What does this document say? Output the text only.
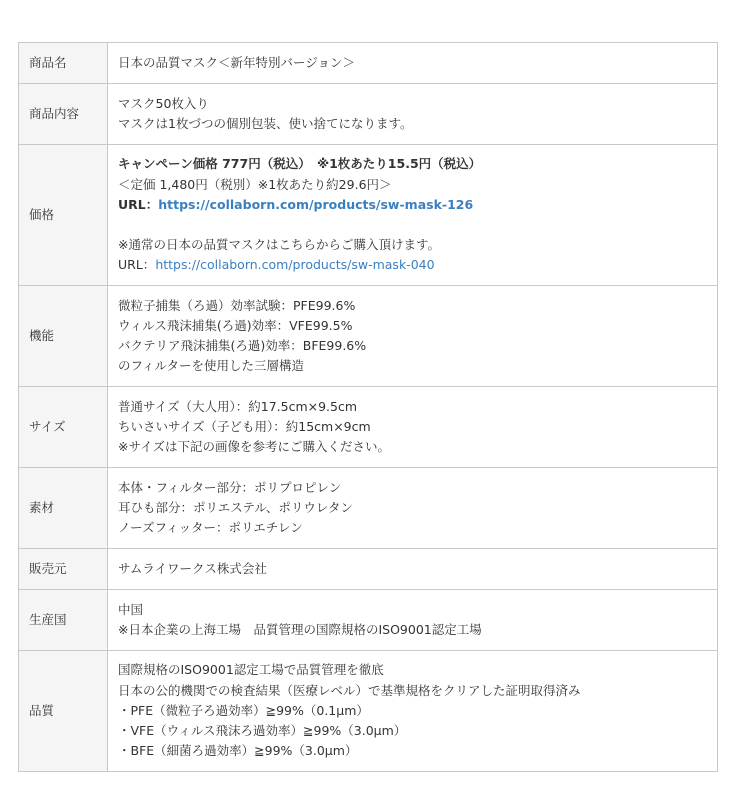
商品名	日本の品質マスク＜新年特別バージョン＞

商品内容	マスク50枚入り
マスクは1枚づつの個別包装、使い捨てになります。

価格	キャンペーン価格 777円（税込）　※1枚あたり15.5円（税込）
＜定価 1,480円（税別）※1枚あたり約29.6円＞
URL：https://collaborn.com/products/sw-mask-126
※通常の日本の品質マスクはこちらからご購入頂けます。
URL：https://collaborn.com/products/sw-mask-040

機能	微粒子捕集（ろ過）効率試験：PFE99.6%
ウィルス飛沫捕集(ろ過)効率：VFE99.5%
バクテリア飛沫捕集(ろ過)効率：BFE99.6%
のフィルターを使用した三層構造

サイズ	普通サイズ（大人用）：約17.5cm×9.5cm
ちいさいサイズ（子ども用）：約15cm×9cm
※サイズは下記の画像を参考にご購入ください。

素材	本体・フィルター部分：ポリプロピレン
耳ひも部分：ポリエステル、ポリウレタン
ノーズフィッター：ポリエチレン

販売元	サムライワークス株式会社

生産国	中国
※日本企業の上海工場　品質管理の国際規格のISO9001認定工場

品質	国際規格のISO9001認定工場で品質管理を徹底
日本の公的機関での検査結果（医療レベル）で基準規格をクリアした証明取得済み
・PFE（微粒子ろ過効率）≧99%（0.1μm）
・VFE（ウィルス飛沫ろ過効率）≧99%（3.0μm）
・BFE（細菌ろ過効率）≧99%（3.0μm）
